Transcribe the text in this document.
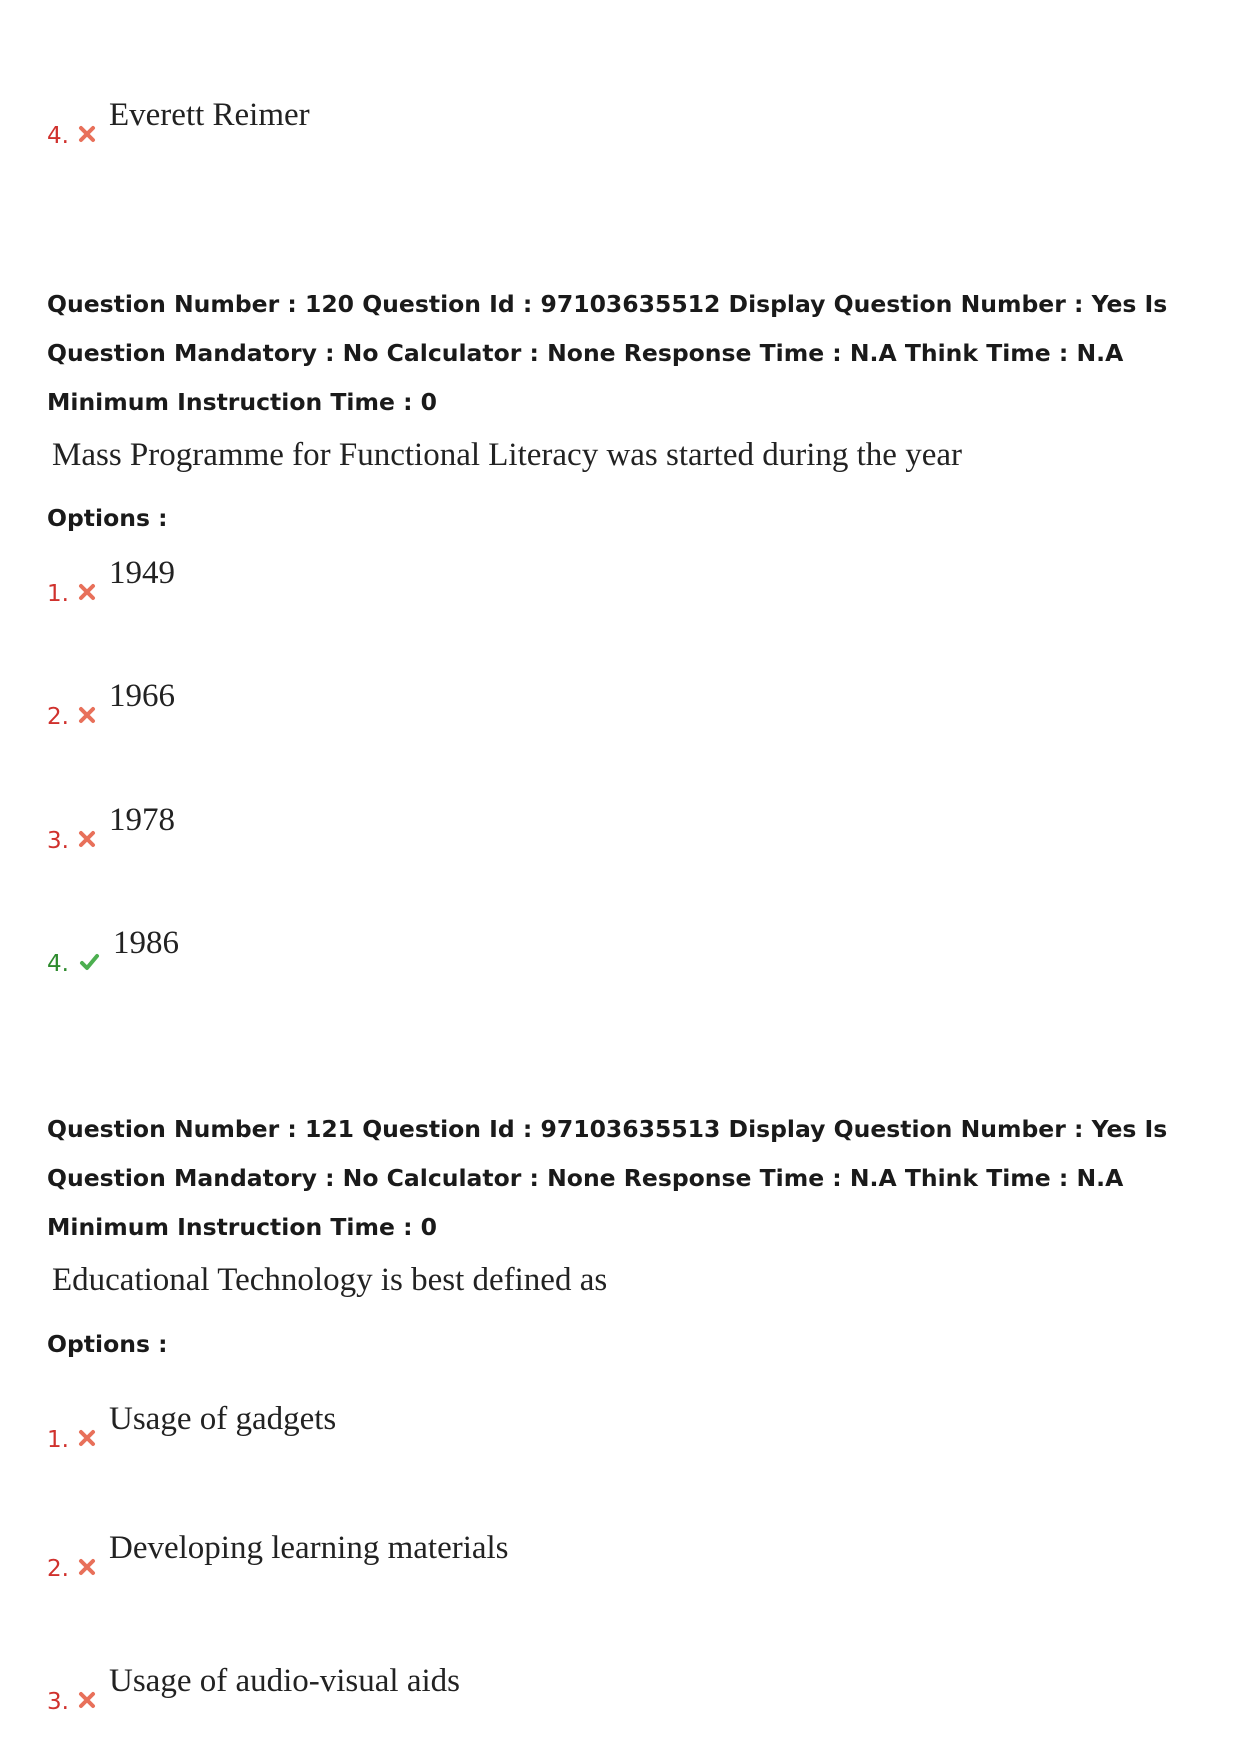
4.
Everett Reimer
Question Number : 120 Question Id : 97103635512 Display Question Number : Yes Is Question Mandatory : No Calculator : None Response Time : N.A Think Time : N.A Minimum Instruction Time : 0
Mass Programme for Functional Literacy was started during the year
Options :
1.
1949
2.
1966
3.
1978
4.
1986
Question Number : 121 Question Id : 97103635513 Display Question Number : Yes Is Question Mandatory : No Calculator : None Response Time : N.A Think Time : N.A Minimum Instruction Time : 0
Educational Technology is best defined as
Options :
1.
Usage of gadgets
2.
Developing learning materials
3.
Usage of audio-visual aids
